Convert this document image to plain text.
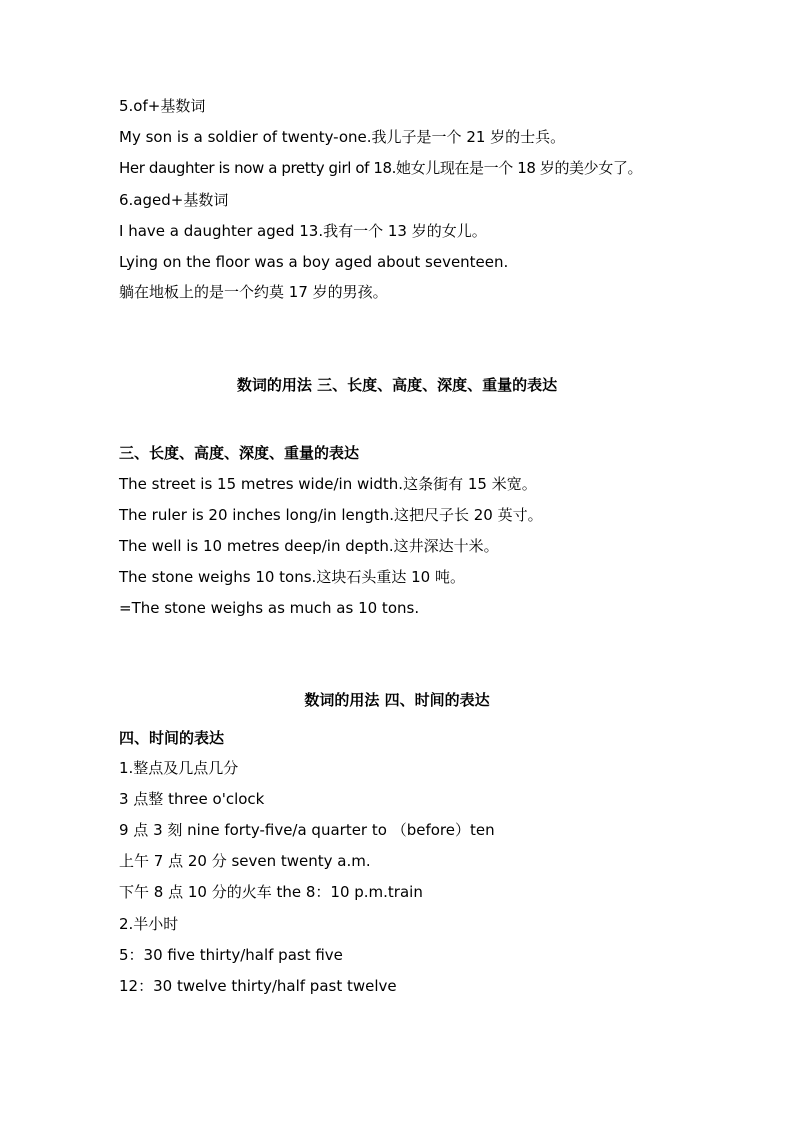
5.of+基数词
My son is a soldier of twenty-one.我儿子是一个 21 岁的士兵。
Her daughter is now a pretty girl of 18.她女儿现在是一个 18 岁的美少女了。
6.aged+基数词
I have a daughter aged 13.我有一个 13 岁的女儿。
Lying on the floor was a boy aged about seventeen.
躺在地板上的是一个约莫 17 岁的男孩。
数词的用法 三、长度、高度、深度、重量的表达
三、长度、高度、深度、重量的表达
The street is 15 metres wide/in width.这条街有 15 米宽。
The ruler is 20 inches long/in length.这把尺子长 20 英寸。
The well is 10 metres deep/in depth.这井深达十米。
The stone weighs 10 tons.这块石头重达 10 吨。
=The stone weighs as much as 10 tons.
数词的用法 四、时间的表达
四、时间的表达
1.整点及几点几分
3 点整 three o'clock
9 点 3 刻 nine forty-five/a quarter to （before）ten
上午 7 点 20 分 seven twenty a.m.
下午 8 点 10 分的火车 the 8：10 p.m.train
2.半小时
5：30 five thirty/half past five
12：30 twelve thirty/half past twelve
